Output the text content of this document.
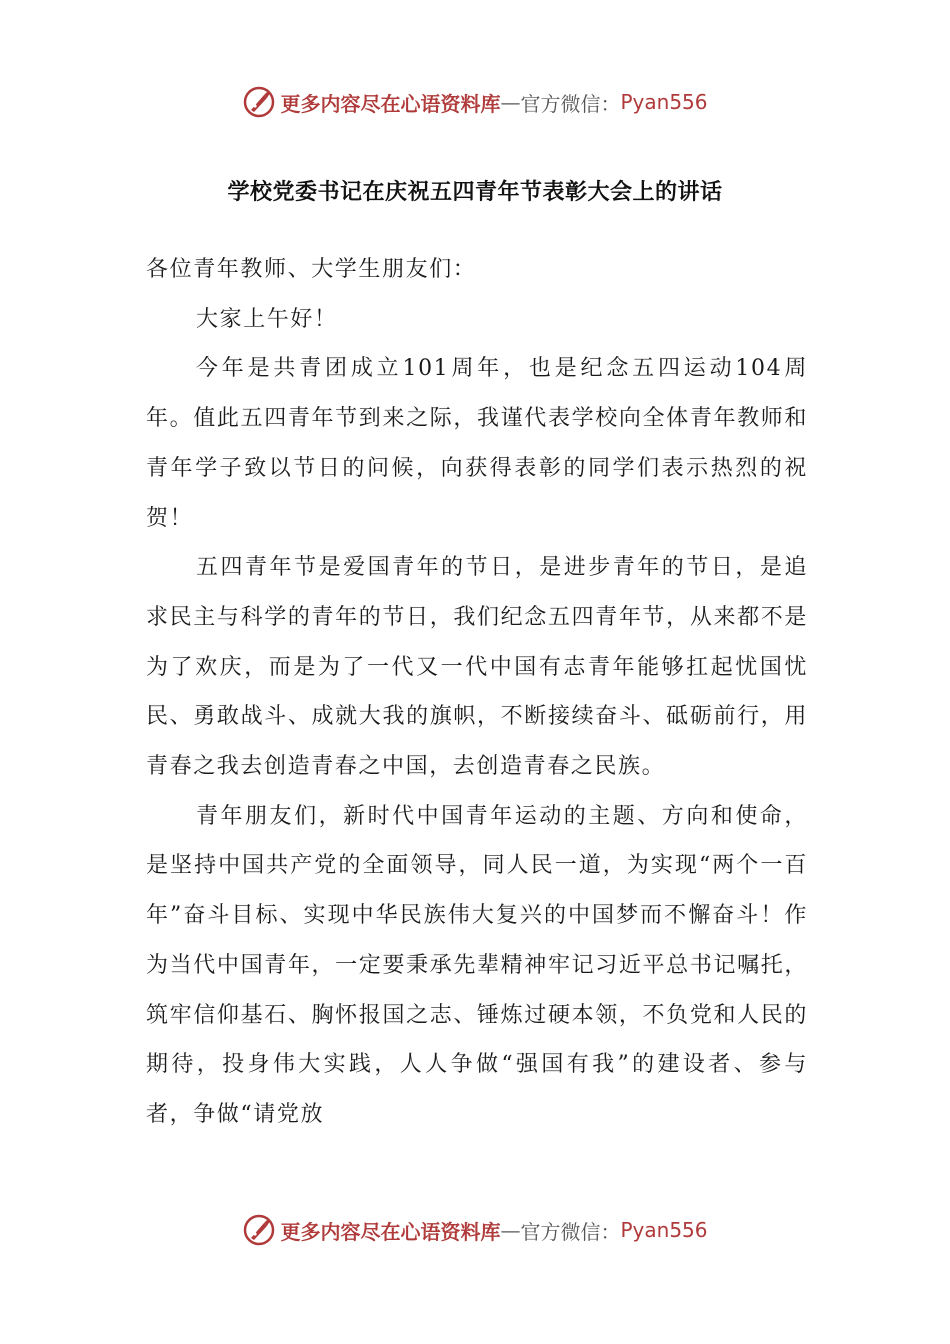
更多内容尽在心语资料库 — 官方微信： Pyan556
学校党委书记在庆祝五四青年节表彰大会上的讲话

各位青年教师、大学生朋友们：

大家上午好！

今年是共青团成立101周年，也是纪念五四运动104周年。值此五四青年节到来之际，我谨代表学校向全体青年教师和青年学子致以节日的问候，向获得表彰的同学们表示热烈的祝贺！

五四青年节是爱国青年的节日，是进步青年的节日，是追求民主与科学的青年的节日，我们纪念五四青年节，从来都不是为了欢庆，而是为了一代又一代中国有志青年能够扛起忧国忧民、勇敢战斗、成就大我的旗帜，不断接续奋斗、砥砺前行，用青春之我去创造青春之中国，去创造青春之民族。

青年朋友们，新时代中国青年运动的主题、方向和使命，是坚持中国共产党的全面领导，同人民一道，为实现“两个一百年”奋斗目标、实现中华民族伟大复兴的中国梦而不懈奋斗！作为当代中国青年，一定要秉承先辈精神牢记习近平总书记嘱托，筑牢信仰基石、胸怀报国之志、锤炼过硬本领，不负党和人民的期待，投身伟大实践，人人争做“强国有我”的建设者、参与者，争做“请党放

更多内容尽在心语资料库 — 官方微信： Pyan556
